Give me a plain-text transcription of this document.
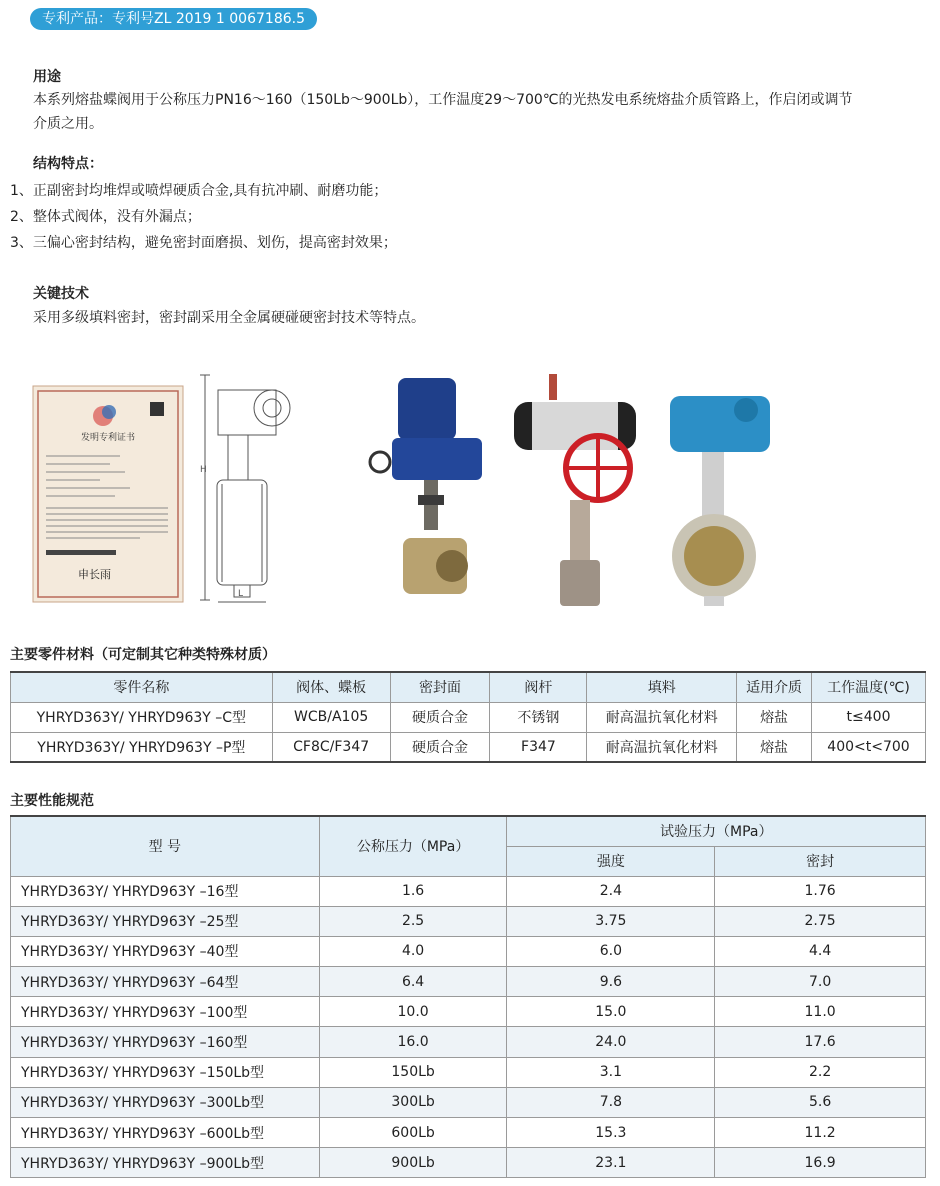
专利产品：专利号ZL 2019 1 0067186.5
用途
本系列熔盐蝶阀用于公称压力PN16～160（150Lb～900Lb），工作温度29～700℃的光热发电系统熔盐介质管路上，作启闭或调节
介质之用。
结构特点：
1、正副密封均堆焊或喷焊硬质合金,具有抗冲刷、耐磨功能；
2、整体式阀体，没有外漏点；
3、三偏心密封结构，避免密封面磨损、划伤，提高密封效果；
关键技术
采用多级填料密封，密封副采用全金属硬碰硬密封技术等特点。
发明专利证书
申长雨
H
L
主要零件材料（可定制其它种类特殊材质）
零件名称	阀体、蝶板	密封面	阀杆	填料	适用介质	工作温度(℃)
YHRYD363Y/ YHRYD963Y –C型	WCB/A105	硬质合金	不锈钢	耐高温抗氧化材料	熔盐	t≤400
YHRYD363Y/ YHRYD963Y –P型	CF8C/F347	硬质合金	F347	耐高温抗氧化材料	熔盐	400<t<700
主要性能规范
型 号	公称压力（MPa）	试验压力（MPa）	
		强度	密封
YHRYD363Y/ YHRYD963Y –16型	1.6	2.4	1.76
YHRYD363Y/ YHRYD963Y –25型	2.5	3.75	2.75
YHRYD363Y/ YHRYD963Y –40型	4.0	6.0	4.4
YHRYD363Y/ YHRYD963Y –64型	6.4	9.6	7.0
YHRYD363Y/ YHRYD963Y –100型	10.0	15.0	11.0
YHRYD363Y/ YHRYD963Y –160型	16.0	24.0	17.6
YHRYD363Y/ YHRYD963Y –150Lb型	150Lb	3.1	2.2
YHRYD363Y/ YHRYD963Y –300Lb型	300Lb	7.8	5.6
YHRYD363Y/ YHRYD963Y –600Lb型	600Lb	15.3	11.2
YHRYD363Y/ YHRYD963Y –900Lb型	900Lb	23.1	16.9
